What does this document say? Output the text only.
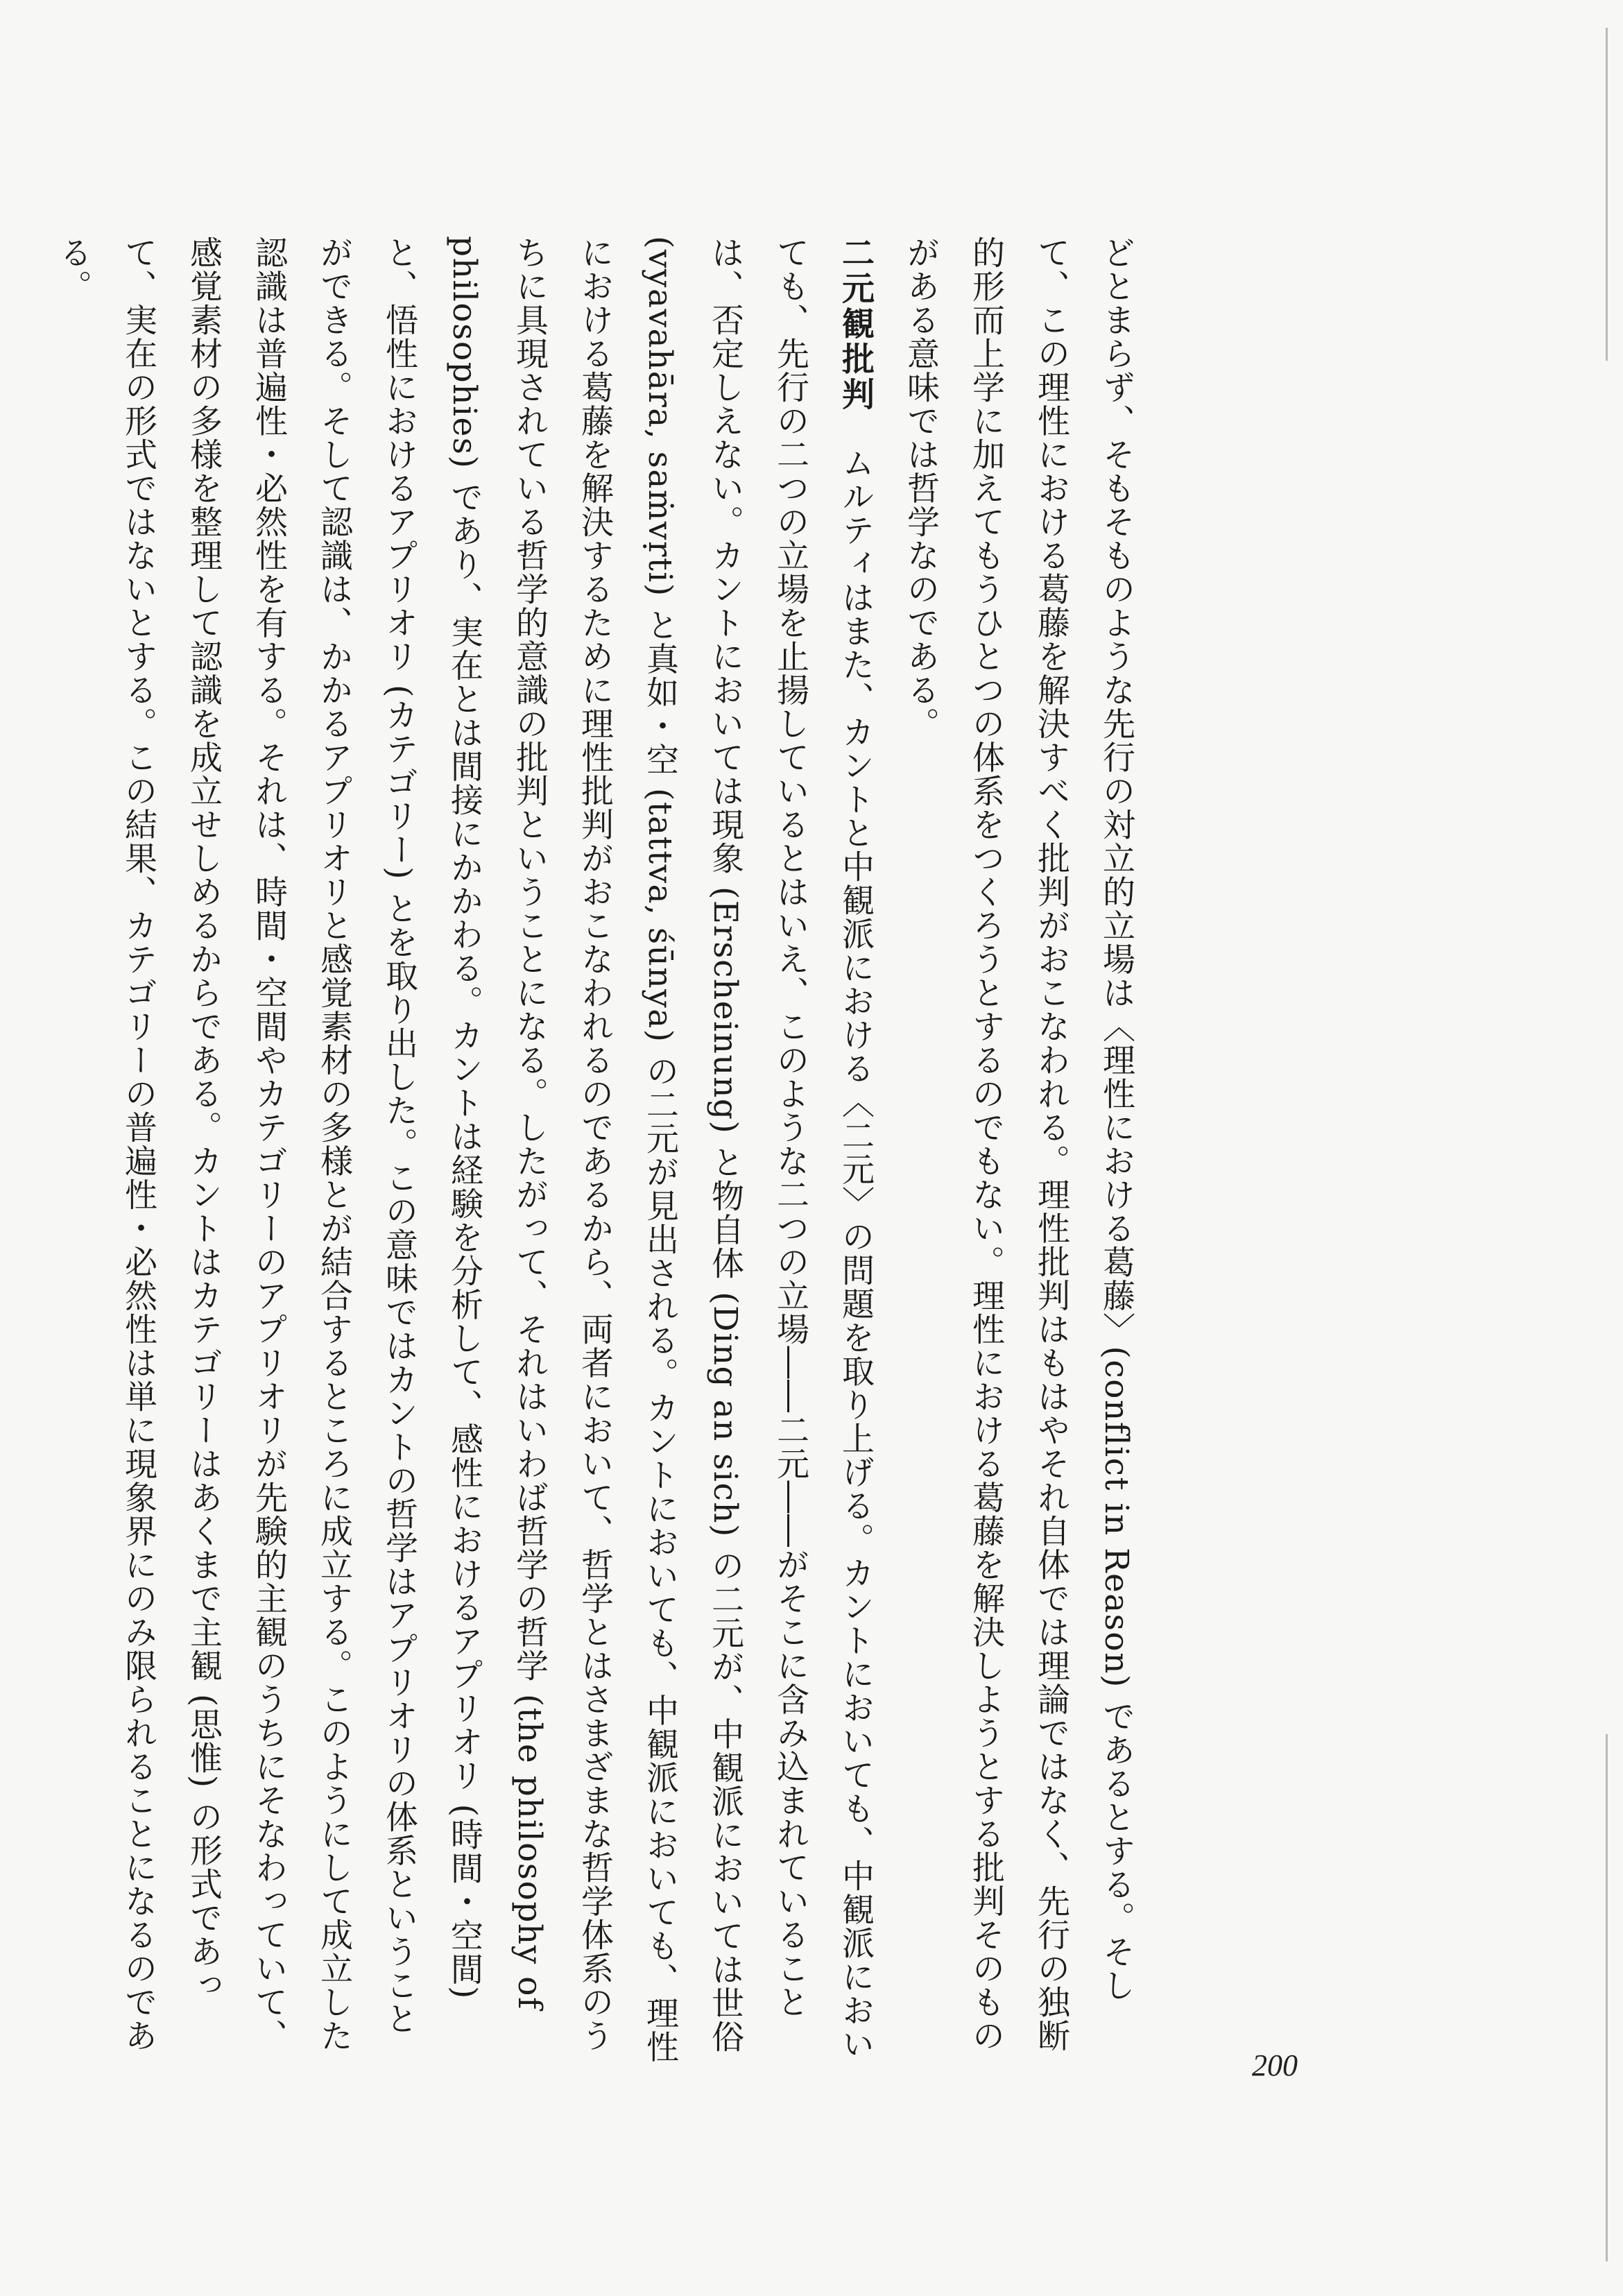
どとまらず、そもそものような先行の対立的立場は〈理性における葛藤〉(conflict in Reason) であるとする。そして、この理性における葛藤を解決すべく批判がおこなわれる。理性批判はもはやそれ自体では理論ではなく、先行の独断的形而上学に加えてもうひとつの体系をつくろうとするのでもない。理性における葛藤を解決しようとする批判そのものがある意味では哲学なのである。

二元観批判ムルティはまた、カントと中観派における〈二元〉の問題を取り上げる。カントにおいても、中観派においても、先行の二つの立場を止揚しているとはいえ、このような二つの立場――二元――がそこに含み込まれていることは、否定しえない。カントにおいては現象 (Erscheinung) と物自体 (Ding an sich) の二元が、中観派においては世俗 (vyavahāra, saṁvṛti) と真如・空 (tattva, śūnya) の二元が見出される。カントにおいても、中観派においても、理性における葛藤を解決するために理性批判がおこなわれるのであるから、両者において、哲学とはさまざまな哲学体系のうちに具現されている哲学的意識の批判ということになる。したがって、それはいわば哲学の哲学 (the philosophy of philosophies) であり、実在とは間接にかかわる。カントは経験を分析して、感性におけるアプリオリ (時間・空間) と、悟性におけるアプリオリ (カテゴリー) とを取り出した。この意味ではカントの哲学はアプリオリの体系ということができる。そして認識は、かかるアプリオリと感覚素材の多様とが結合するところに成立する。このようにして成立した認識は普遍性・必然性を有する。それは、時間・空間やカテゴリーのアプリオリが先験的主観のうちにそなわっていて、感覚素材の多様を整理して認識を成立せしめるからである。カントはカテゴリーはあくまで主観 (思惟) の形式であって、実在の形式ではないとする。この結果、カテゴリーの普遍性・必然性は単に現象界にのみ限られることになるのである。

200
